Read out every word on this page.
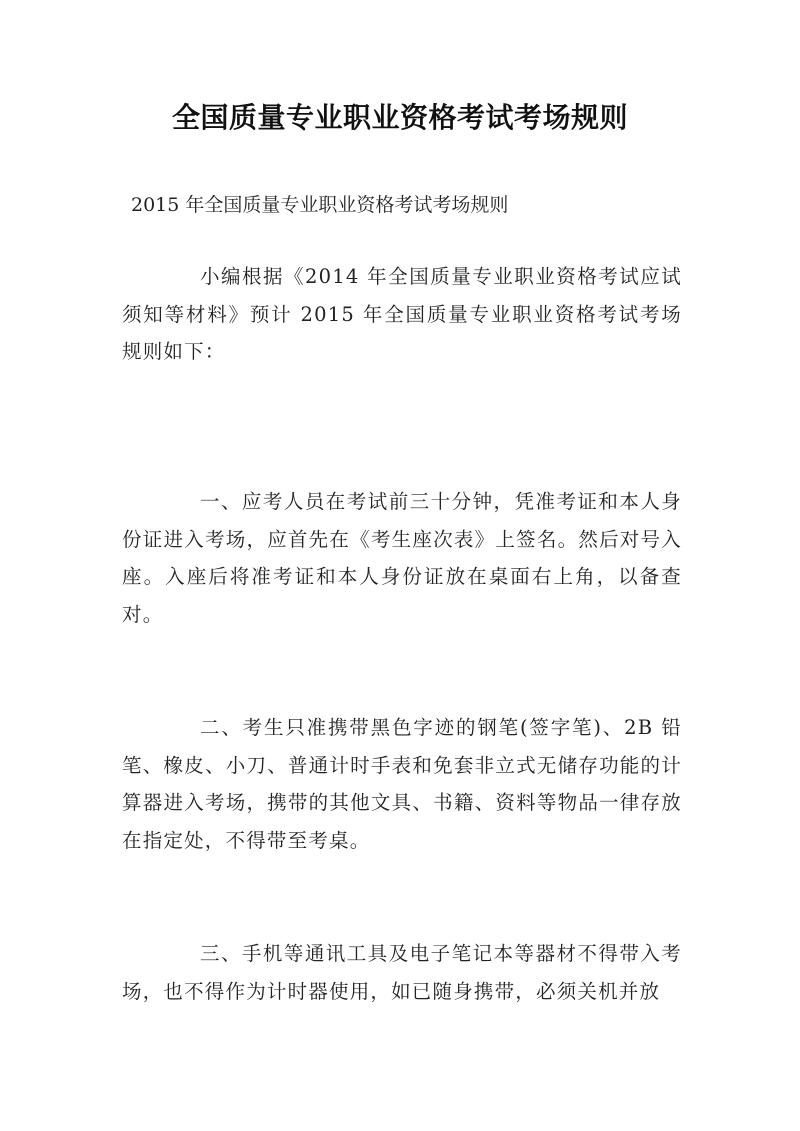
全国质量专业职业资格考试考场规则
2015 年全国质量专业职业资格考试考场规则

小编根据《2014 年全国质量专业职业资格考试应试须知等材料》预计 2015 年全国质量专业职业资格考试考场规则如下：

一、应考人员在考试前三十分钟，凭准考证和本人身份证进入考场，应首先在《考生座次表》上签名。然后对号入座。入座后将准考证和本人身份证放在桌面右上角，以备查对。

二、考生只准携带黑色字迹的钢笔(签字笔)、2B 铅笔、橡皮、小刀、普通计时手表和免套非立式无储存功能的计算器进入考场，携带的其他文具、书籍、资料等物品一律存放在指定处，不得带至考桌。

三、手机等通讯工具及电子笔记本等器材不得带入考场，也不得作为计时器使用，如已随身携带，必须关机并放
